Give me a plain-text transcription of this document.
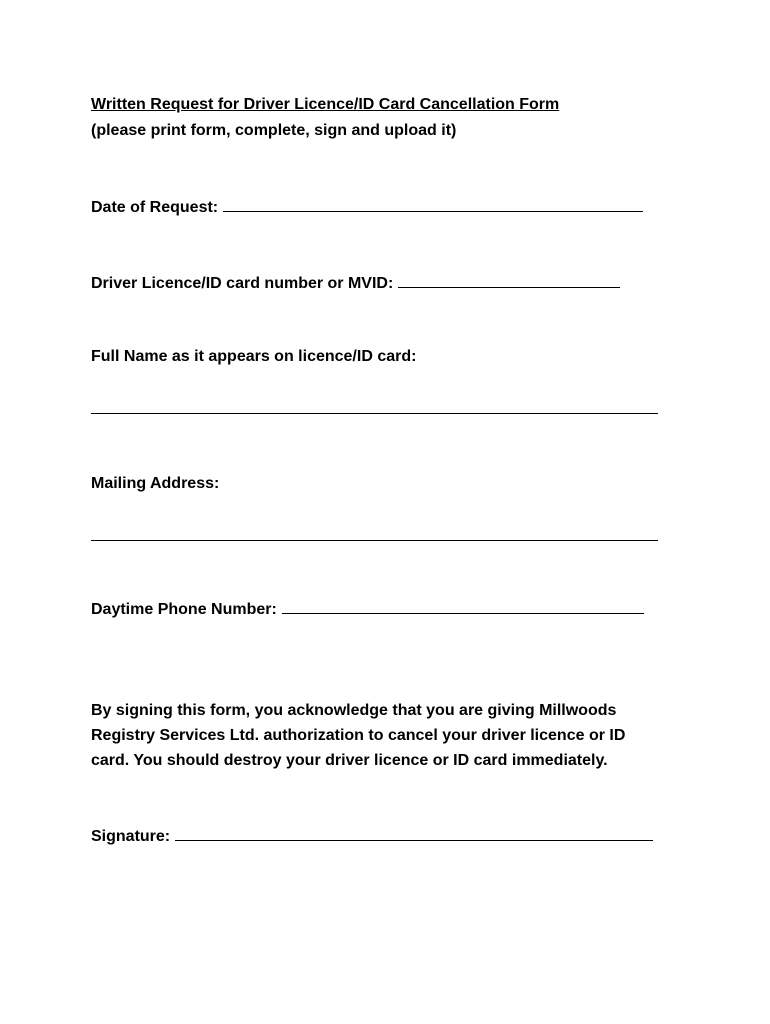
Written Request for Driver Licence/ID Card Cancellation Form
(please print form, complete, sign and upload it)
Date of Request:
Driver Licence/ID card number or MVID:
Full Name as it appears on licence/ID card:
Mailing Address:
Daytime Phone Number:
By signing this form, you acknowledge that you are giving Millwoods
Registry Services Ltd. authorization to cancel your driver licence or ID
card. You should destroy your driver licence or ID card immediately.
Signature:
